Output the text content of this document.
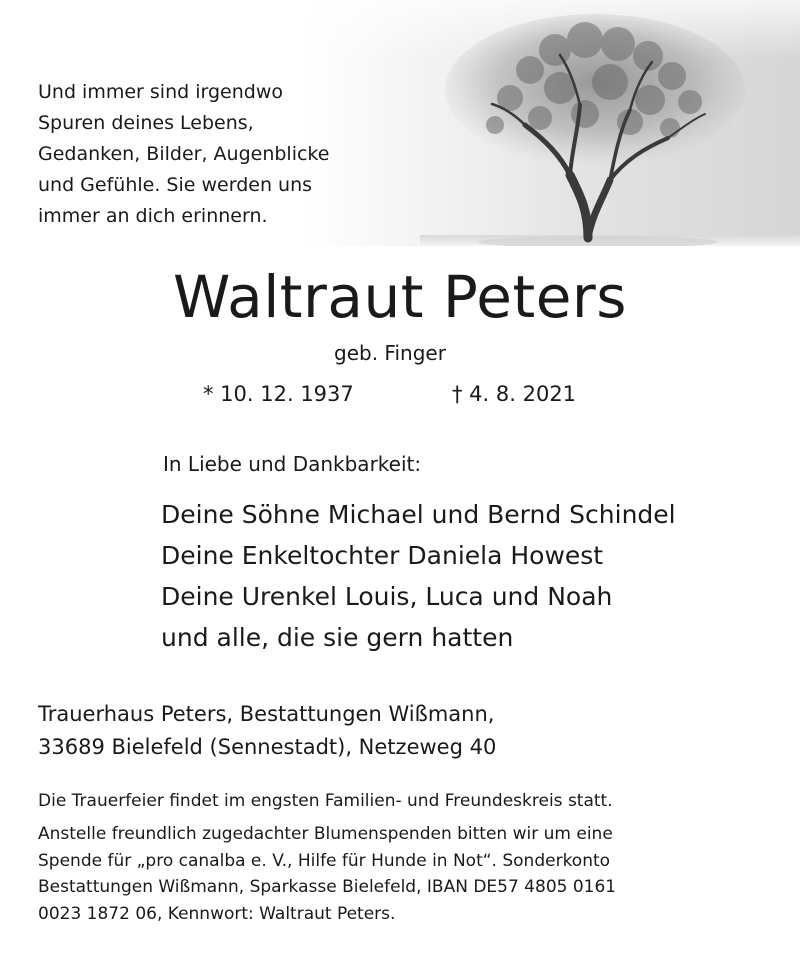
Und immer sind irgendwo
Spuren deines Lebens,
Gedanken, Bilder, Augenblicke
und Gefühle. Sie werden uns
immer an dich erinnern.
Waltraut Peters
geb. Finger
* 10. 12. 1937	† 4. 8. 2021
In Liebe und Dankbarkeit:
Deine Söhne Michael und Bernd Schindel
Deine Enkeltochter Daniela Howest
Deine Urenkel Louis, Luca und Noah
und alle, die sie gern hatten
Trauerhaus Peters, Bestattungen Wißmann,
33689 Bielefeld (Sennestadt), Netzeweg 40
Die Trauerfeier findet im engsten Familien- und Freundeskreis statt.
Anstelle freundlich zugedachter Blumenspenden bitten wir um eine
Spende für „pro canalba e. V., Hilfe für Hunde in Not“. Sonderkonto
Bestattungen Wißmann, Sparkasse Bielefeld, IBAN DE57 4805 0161
0023 1872 06, Kennwort: Waltraut Peters.
